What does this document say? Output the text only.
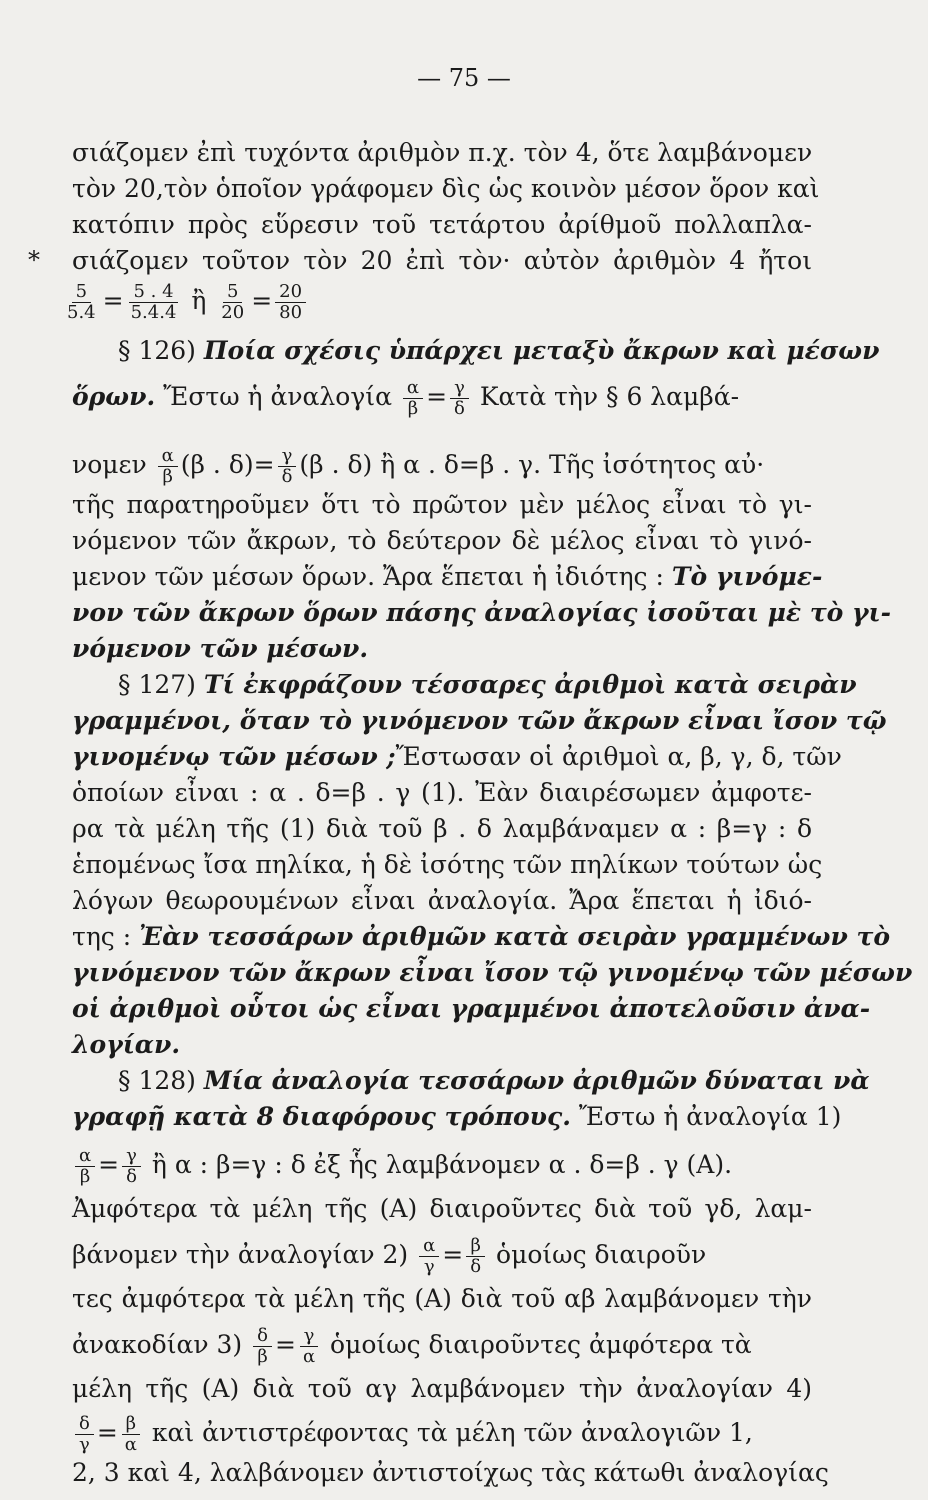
— 75 —
*
σιάζομεν ἐπὶ τυχόντα ἀριθμὸν π.χ. τὸν 4, ὅτε λαμβάνομεν
τὸν 20,τὸν ὁποῖον γράφομεν δὶς ὡς κοινὸν μέσον ὅρον καὶ
κατόπιν πρὸς εὕρεσιν τοῦ τετάρτου ἀρίθμοῦ πολλαπλα-
σιάζομεν τοῦτον τὸν 20 ἐπὶ τὸν· αὐτὸν ἀριθμὸν 4 ἤτοι
$\frac{5}{5.4} = \frac{5 . 4}{5.4.4}$ ἢ $\frac{5}{20} = \frac{20}{80}$
§ 126) Ποία σχέσις ὑπάρχει μεταξὺ ἄκρων καὶ μέσων
ὅρων. Ἔστω ἡ ἀναλογία $\frac{\alpha}{\beta} = \frac{\gamma}{\delta}$ Κατὰ τὴν § 6 λαμβά-
νομεν $\frac{\alpha}{\beta} (\beta$ . $\delta)= \frac{\gamma}{\delta} (\beta$ . δ) ἢ α . δ=β . γ. Τῆς ἰσότητος αὐ·
τῆς παρατηροῦμεν ὅτι τὸ πρῶτον μὲν μέλος εἶναι τὸ γι-
νόμενον τῶν ἄκρων, τὸ δεύτερον δὲ μέλος εἶναι τὸ γινό-
μενον τῶν μέσων ὅρων. Ἄρα ἕπεται ἡ ἰδιότης : Τὸ γινόμε-
νον τῶν ἄκρων ὅρων πάσης ἀναλογίας ἰσοῦται μὲ τὸ γι-
νόμενον τῶν μέσων.
§ 127) Τί ἐκφράζουν τέσσαρες ἀριθμοὶ κατὰ σειρὰν
γραμμένοι, ὅταν τὸ γινόμενον τῶν ἄκρων εἶναι ἴσον τῷ
γινομένῳ τῶν μέσων ;Ἔστωσαν οἱ ἀριθμοὶ α, β, γ, δ, τῶν
ὁποίων εἶναι : α . δ=β . γ (1). Ἐὰν διαιρέσωμεν ἀμφοτε-
ρα τὰ μέλη τῆς (1) διὰ τοῦ β . δ λαμβάναμεν α : β=γ : δ
ἑπομένως ἴσα πηλίκα, ἡ δὲ ἰσότης τῶν πηλίκων τούτων ὡς
λόγων θεωρουμένων εἶναι ἀναλογία. Ἄρα ἕπεται ἡ ἰδιό-
της : Ἐὰν τεσσάρων ἀριθμῶν κατὰ σειρὰν γραμμένων τὸ
γινόμενον τῶν ἄκρων εἶναι ἴσον τῷ γινομένῳ τῶν μέσων
οἱ ἀριθμοὶ οὗτοι ὡς εἶναι γραμμένοι ἀποτελοῦσιν ἀνα-
λογίαν.
§ 128) Μία ἀναλογία τεσσάρων ἀριθμῶν δύναται νὰ
γραφῇ κατὰ 8 διαφόρους τρόπους. Ἔστω ἡ ἀναλογία 1)
$\frac{\alpha}{\beta} = \frac{\gamma}{\delta}$ ἢ α : β=γ : δ ἐξ ἧς λαμβάνομεν α . δ=β . γ (Α).
Ἀμφότερα τὰ μέλη τῆς (Α) διαιροῦντες διὰ τοῦ γδ, λαμ-
βάνομεν τὴν ἀναλογίαν $2) \frac{\alpha}{\gamma} = \frac{\beta}{\delta}$ ὁμοίως διαιροῦν
τες ἀμφότερα τὰ μέλη τῆς (Α) διὰ τοῦ αβ λαμβάνομεν τὴν
ἀνακοδίαν $3) \frac{\delta}{\beta} = \frac{\gamma}{\alpha}$ ὁμοίως διαιροῦντες ἀμφότερα τὰ
μέλη τῆς (Α) διὰ τοῦ αγ λαμβάνομεν τὴν ἀναλογίαν 4)
$\frac{\delta}{\gamma} = \frac{\beta}{\alpha}$ καὶ ἀντιστρέφοντας τὰ μέλη τῶν ἀναλογιῶν 1,
2, 3 καὶ 4, λαλβάνομεν ἀντιστοίχως τὰς κάτωθι ἀναλογίας
